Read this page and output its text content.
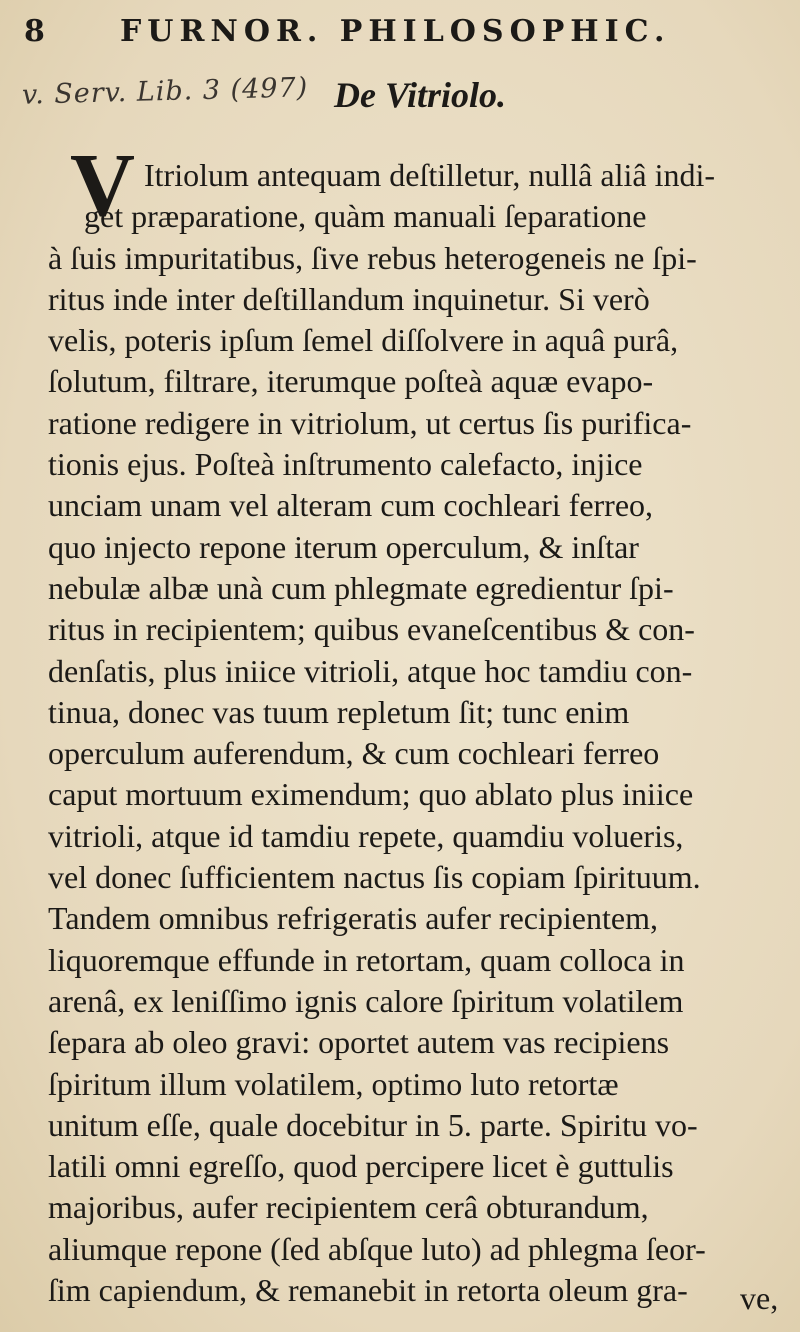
8 FURNOR. PHILOSOPHIC.
v. Serv. Lib. 3 (497) De Vitriolo.
V Itriolum antequam deſtilletur, nullâ aliâ indi-
get præparatione, quàm manuali ſeparatione
à ſuis impuritatibus, ſive rebus heterogeneis ne ſpi-
ritus inde inter deſtillandum inquinetur. Si verò
velis, poteris ipſum ſemel diſſolvere in aquâ purâ,
ſolutum, filtrare, iterumque poſteà aquæ evapo-
ratione redigere in vitriolum, ut certus ſis purifica-
tionis ejus. Poſteà inſtrumento calefacto, injice
unciam unam vel alteram cum cochleari ferreo,
quo injecto repone iterum operculum, & inſtar
nebulæ albæ unà cum phlegmate egredientur ſpi-
ritus in recipientem; quibus evaneſcentibus & con-
denſatis, plus iniice vitrioli, atque hoc tamdiu con-
tinua, donec vas tuum repletum ſit; tunc enim
operculum auferendum, & cum cochleari ferreo
caput mortuum eximendum; quo ablato plus iniice
vitrioli, atque id tamdiu repete, quamdiu volueris,
vel donec ſufficientem nactus ſis copiam ſpirituum.
Tandem omnibus refrigeratis aufer recipientem,
liquoremque effunde in retortam, quam colloca in
arenâ, ex leniſſimo ignis calore ſpiritum volatilem
ſepara ab oleo gravi: oportet autem vas recipiens
ſpiritum illum volatilem, optimo luto retortæ
unitum eſſe, quale docebitur in 5. parte. Spiritu vo-
latili omni egreſſo, quod percipere licet è guttulis
majoribus, aufer recipientem cerâ obturandum,
aliumque repone (ſed abſque luto) ad phlegma ſeor-
ſim capiendum, & remanebit in retorta oleum gra-	ve,
